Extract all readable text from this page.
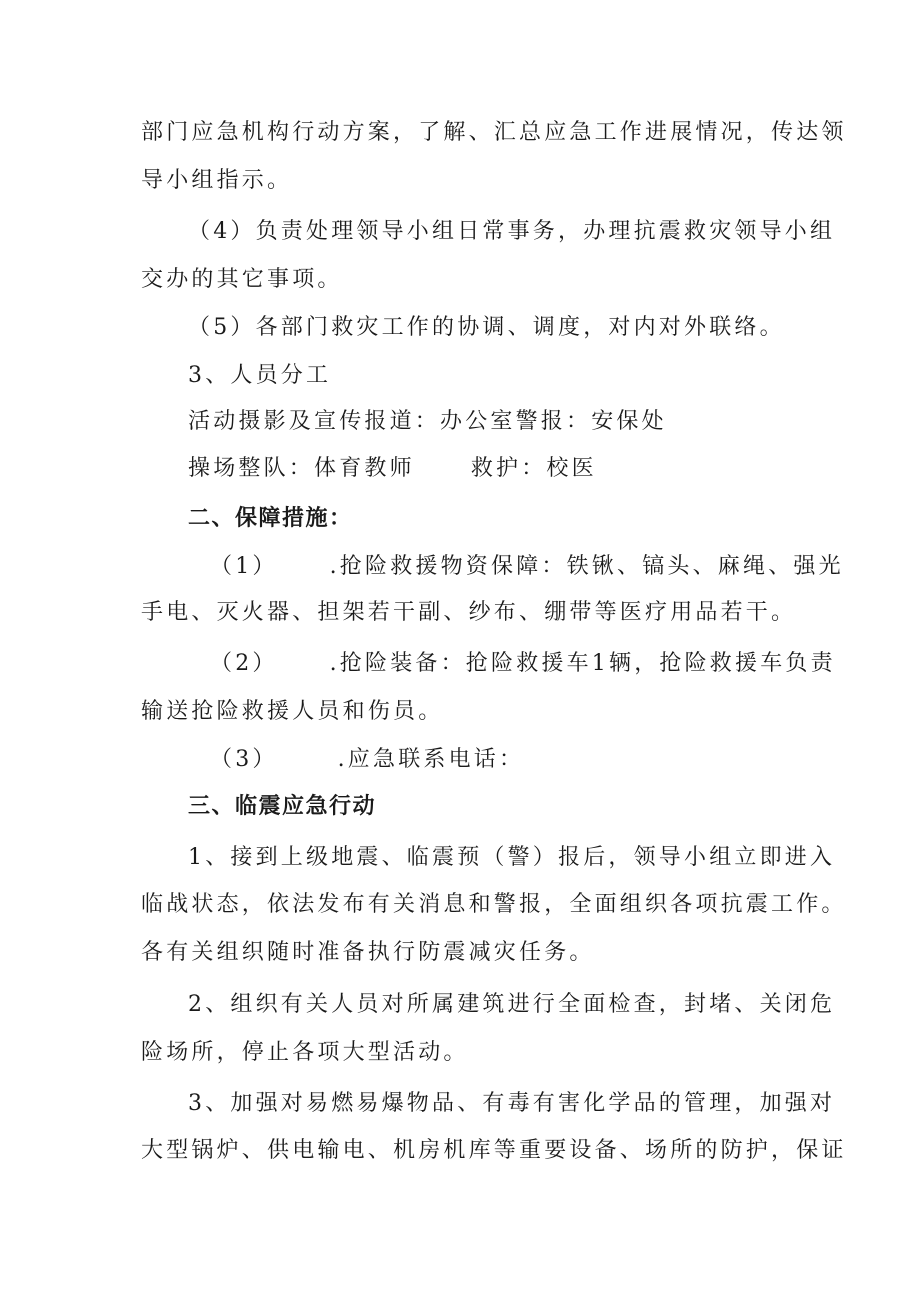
部门应急机构行动方案，了解、汇总应急工作进展情况，传达领
导小组指示。
（4）负责处理领导小组日常事务，办理抗震救灾领导小组
交办的其它事项。
（5）各部门救灾工作的协调、调度，对内对外联络。
3、人员分工
活动摄影及宣传报道：办公室警报：安保处
操场整队：体育教师	救护：校医
二、保障措施：
（1） .抢险救援物资保障：铁锹、镐头、麻绳、强光
手电、灭火器、担架若干副、纱布、绷带等医疗用品若干。
（2） .抢险装备：抢险救援车1辆，抢险救援车负责
输送抢险救援人员和伤员。
（3）	.应急联系电话：
三、临震应急行动
1、接到上级地震、临震预（警）报后，领导小组立即进入
临战状态，依法发布有关消息和警报，全面组织各项抗震工作。
各有关组织随时准备执行防震减灾任务。
2、组织有关人员对所属建筑进行全面检查，封堵、关闭危
险场所，停止各项大型活动。
3、加强对易燃易爆物品、有毒有害化学品的管理，加强对
大型锅炉、供电输电、机房机库等重要设备、场所的防护，保证
